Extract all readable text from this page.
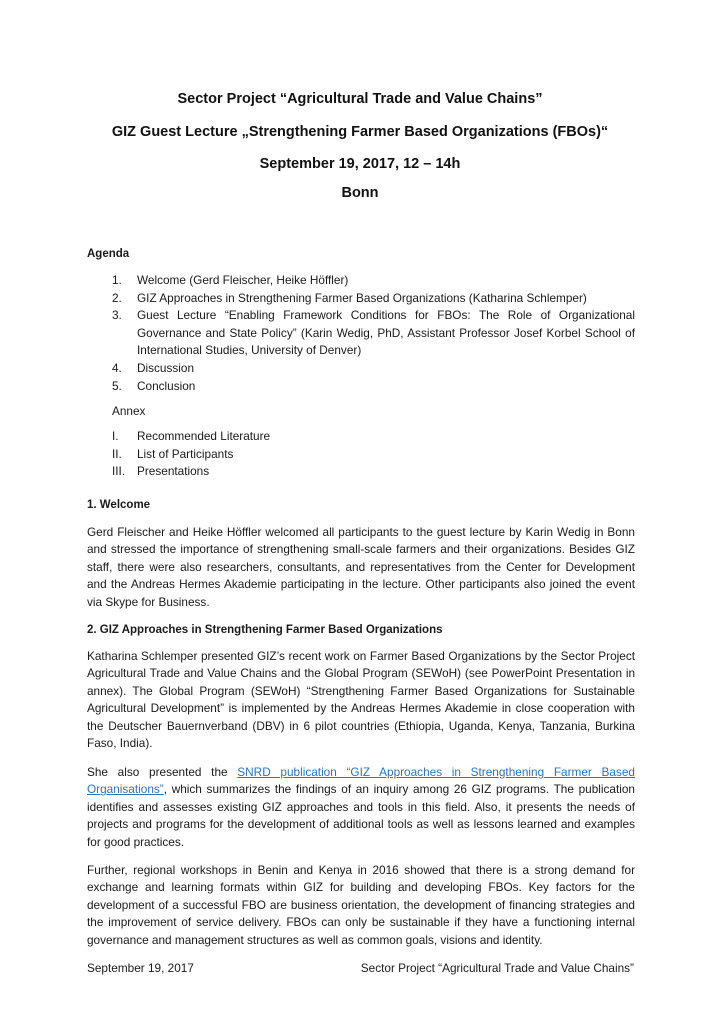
Sector Project “Agricultural Trade and Value Chains”
GIZ Guest Lecture „Strengthening Farmer Based Organizations (FBOs)“
September 19, 2017, 12 – 14h
Bonn
Agenda
1. Welcome (Gerd Fleischer, Heike Höffler)
2. GIZ Approaches in Strengthening Farmer Based Organizations (Katharina Schlemper)
3. Guest Lecture “Enabling Framework Conditions for FBOs: The Role of Organizational Governance and State Policy” (Karin Wedig, PhD, Assistant Professor Josef Korbel School of International Studies, University of Denver)
4. Discussion
5. Conclusion
Annex
I. Recommended Literature
II. List of Participants
III. Presentations
1. Welcome

Gerd Fleischer and Heike Höffler welcomed all participants to the guest lecture by Karin Wedig in Bonn and stressed the importance of strengthening small-scale farmers and their organizations. Besides GIZ staff, there were also researchers, consultants, and representatives from the Center for Development and the Andreas Hermes Akademie participating in the lecture. Other participants also joined the event via Skype for Business.

2. GIZ Approaches in Strengthening Farmer Based Organizations

Katharina Schlemper presented GIZ’s recent work on Farmer Based Organizations by the Sector Project Agricultural Trade and Value Chains and the Global Program (SEWoH) (see PowerPoint Presentation in annex). The Global Program (SEWoH) “Strengthening Farmer Based Organizations for Sustainable Agricultural Development” is implemented by the Andreas Hermes Akademie in close cooperation with the Deutscher Bauernverband (DBV) in 6 pilot countries (Ethiopia, Uganda, Kenya, Tanzania, Burkina Faso, India).

She also presented the SNRD publication “GIZ Approaches in Strengthening Farmer Based Organisations”, which summarizes the findings of an inquiry among 26 GIZ programs. The publication identifies and assesses existing GIZ approaches and tools in this field. Also, it presents the needs of projects and programs for the development of additional tools as well as lessons learned and examples for good practices.

Further, regional workshops in Benin and Kenya in 2016 showed that there is a strong demand for exchange and learning formats within GIZ for building and developing FBOs. Key factors for the development of a successful FBO are business orientation, the development of financing strategies and the improvement of service delivery. FBOs can only be sustainable if they have a functioning internal governance and management structures as well as common goals, visions and identity.

September 19, 2017	Sector Project “Agricultural Trade and Value Chains”
